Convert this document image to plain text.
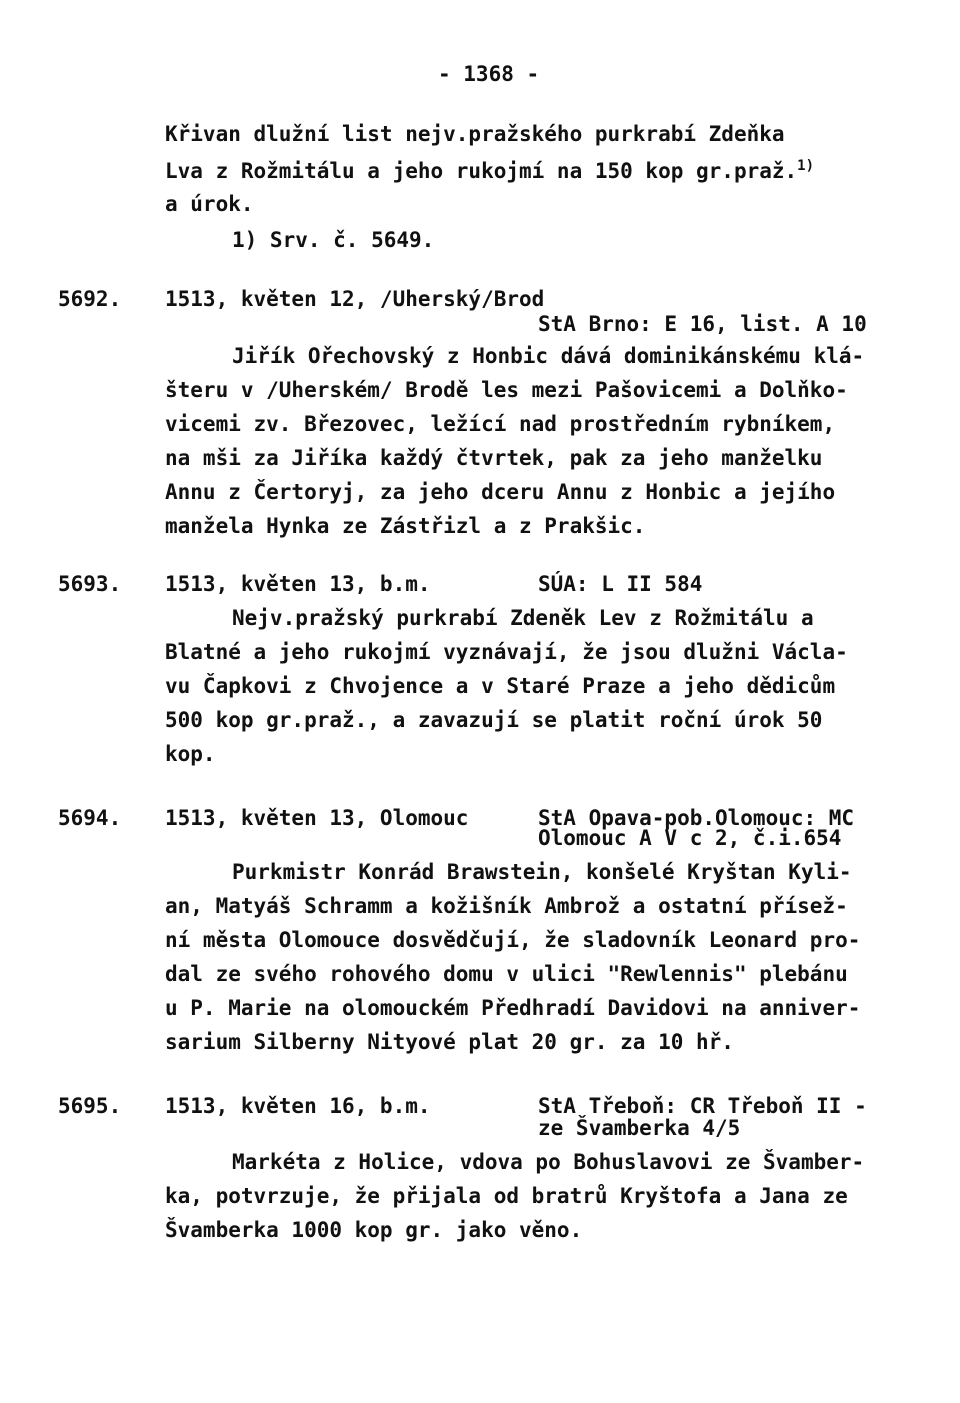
- 1368 -
Křivan dlužní list nejv.pražského purkrabí Zdeňka
Lva z Rožmitálu a jeho rukojmí na 150 kop gr.praž.$^{1)}$
a úrok.
1) Srv. č. 5649.
5692. 1513, květen 12, /Uherský/Brod
StA Brno: E 16, list. A 10
Jiřík Ořechovský z Honbic dává dominikánskému klá-
šteru v /Uherském/ Brodě les mezi Pašovicemi a Dolňko-
vicemi zv. Březovec, ležící nad prostředním rybníkem,
na mši za Jiříka každý čtvrtek, pak za jeho manželku
Annu z Čertoryj, za jeho dceru Annu z Honbic a jejího
manžela Hynka ze Zástřizl a z Prakšic.
5693. 1513, květen 13, b.m.	SÚA: L II 584
Nejv.pražský purkrabí Zdeněk Lev z Rožmitálu a
Blatné a jeho rukojmí vyznávají, že jsou dlužni Václa-
vu Čapkovi z Chvojence a v Staré Praze a jeho dědicům
500 kop gr.praž., a zavazují se platit roční úrok 50
kop.
5694. 1513, květen 13, Olomouc	StA Opava-pob.Olomouc: MC
Olomouc A V c 2, č.i.654
Purkmistr Konrád Brawstein, konšelé Kryštan Kyli-
an, Matyáš Schramm a kožišník Ambrož a ostatní přísež-
ní města Olomouce dosvědčují, že sladovník Leonard pro-
dal ze svého rohového domu v ulici "Rewlennis" plebánu
u P. Marie na olomouckém Předhradí Davidovi na anniver-
sarium Silberny Nityové plat 20 gr. za 10 hř.
5695. 1513, květen 16, b.m.	StA Třeboň: CR Třeboň II -
ze Švamberka 4/5
Markéta z Holice, vdova po Bohuslavovi ze Švamber-
ka, potvrzuje, že přijala od bratrů Kryštofa a Jana ze
Švamberka 1000 kop gr. jako věno.
